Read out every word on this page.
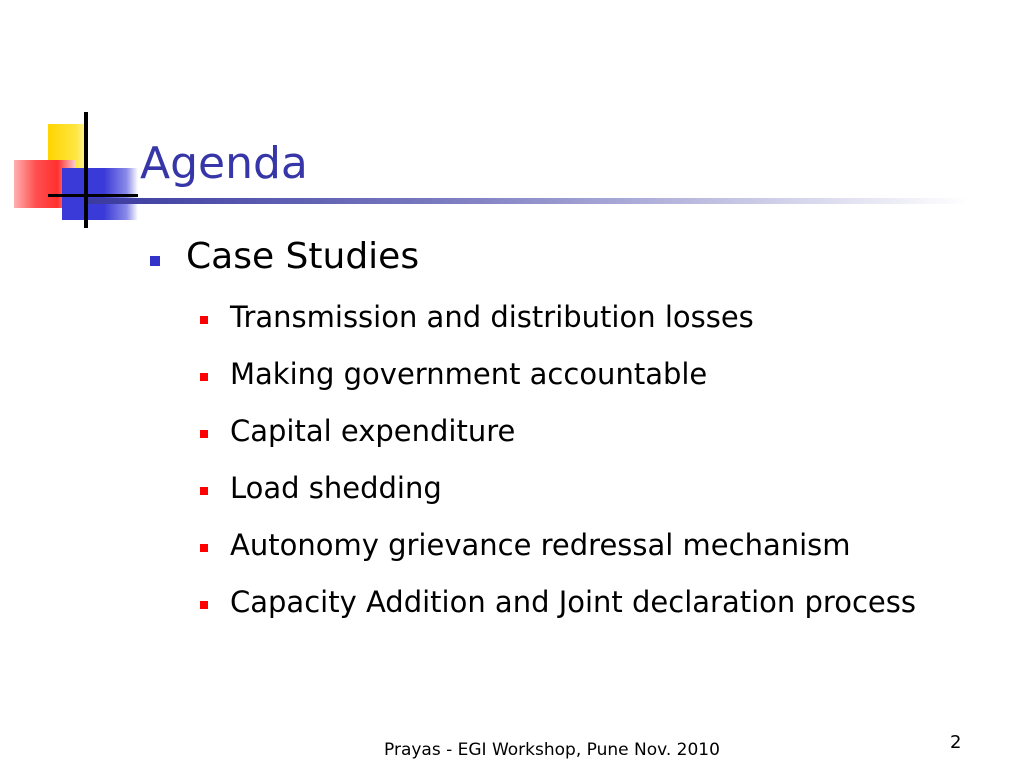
Agenda
Case Studies
Transmission and distribution losses
Making government accountable
Capital expenditure
Load shedding
Autonomy grievance redressal mechanism
Capacity Addition and Joint declaration process
Prayas - EGI Workshop, Pune Nov. 2010	2
